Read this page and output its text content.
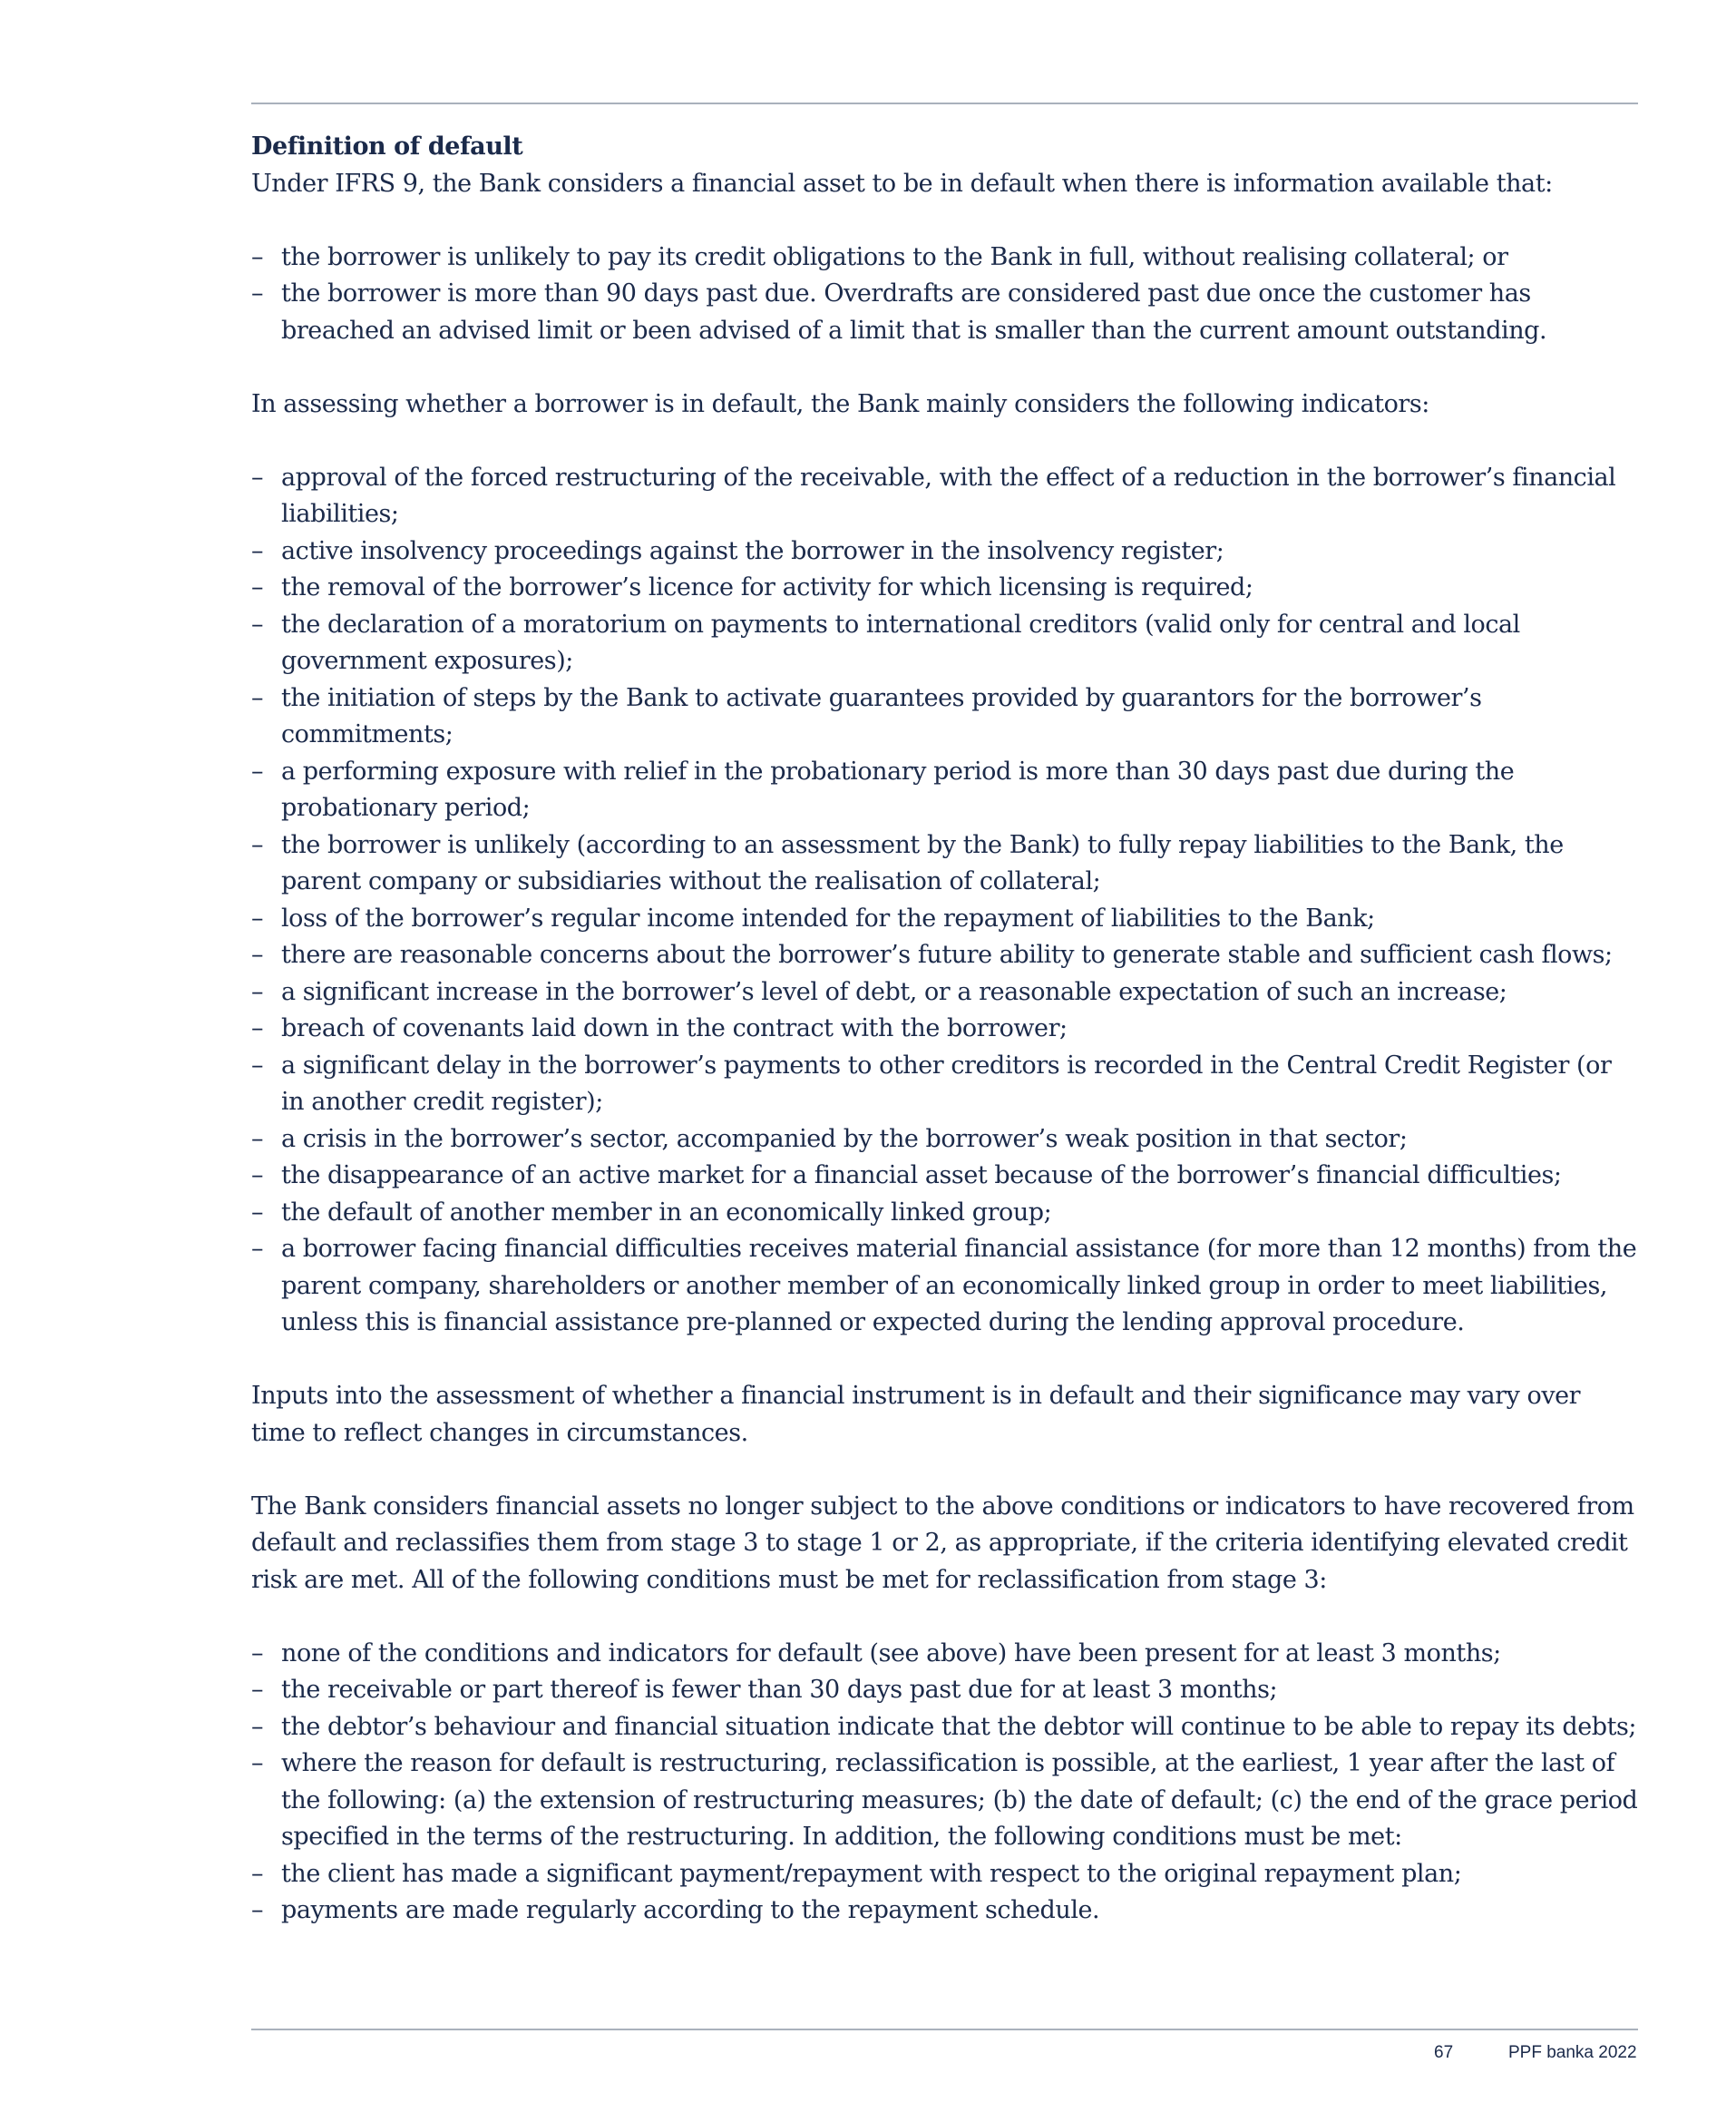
Definition of default

Under IFRS 9, the Bank considers a financial asset to be in default when there is information available that:

– the borrower is unlikely to pay its credit obligations to the Bank in full, without realising collateral; or
– the borrower is more than 90 days past due. Overdrafts are considered past due once the customer has breached an advised limit or been advised of a limit that is smaller than the current amount outstanding.

In assessing whether a borrower is in default, the Bank mainly considers the following indicators:

– approval of the forced restructuring of the receivable, with the effect of a reduction in the borrower’s financial liabilities;
– active insolvency proceedings against the borrower in the insolvency register;
– the removal of the borrower’s licence for activity for which licensing is required;
– the declaration of a moratorium on payments to international creditors (valid only for central and local government exposures);
– the initiation of steps by the Bank to activate guarantees provided by guarantors for the borrower’s commitments;
– a performing exposure with relief in the probationary period is more than 30 days past due during the probationary period;
– the borrower is unlikely (according to an assessment by the Bank) to fully repay liabilities to the Bank, the parent company or subsidiaries without the realisation of collateral;
– loss of the borrower’s regular income intended for the repayment of liabilities to the Bank;
– there are reasonable concerns about the borrower’s future ability to generate stable and sufficient cash flows;
– a significant increase in the borrower’s level of debt, or a reasonable expectation of such an increase;
– breach of covenants laid down in the contract with the borrower;
– a significant delay in the borrower’s payments to other creditors is recorded in the Central Credit Register (or in another credit register);
– a crisis in the borrower’s sector, accompanied by the borrower’s weak position in that sector;
– the disappearance of an active market for a financial asset because of the borrower’s financial difficulties;
– the default of another member in an economically linked group;
– a borrower facing financial difficulties receives material financial assistance (for more than 12 months) from the parent company, shareholders or another member of an economically linked group in order to meet liabilities, unless this is financial assistance pre-planned or expected during the lending approval procedure.

Inputs into the assessment of whether a financial instrument is in default and their significance may vary over time to reflect changes in circumstances.

The Bank considers financial assets no longer subject to the above conditions or indicators to have recovered from default and reclassifies them from stage 3 to stage 1 or 2, as appropriate, if the criteria identifying elevated credit risk are met. All of the following conditions must be met for reclassification from stage 3:

– none of the conditions and indicators for default (see above) have been present for at least 3 months;
– the receivable or part thereof is fewer than 30 days past due for at least 3 months;
– the debtor’s behaviour and financial situation indicate that the debtor will continue to be able to repay its debts;
– where the reason for default is restructuring, reclassification is possible, at the earliest, 1 year after the last of the following: (a) the extension of restructuring measures; (b) the date of default; (c) the end of the grace period specified in the terms of the restructuring. In addition, the following conditions must be met:
– the client has made a significant payment/repayment with respect to the original repayment plan;
– payments are made regularly according to the repayment schedule.
67	PPF banka 2022
